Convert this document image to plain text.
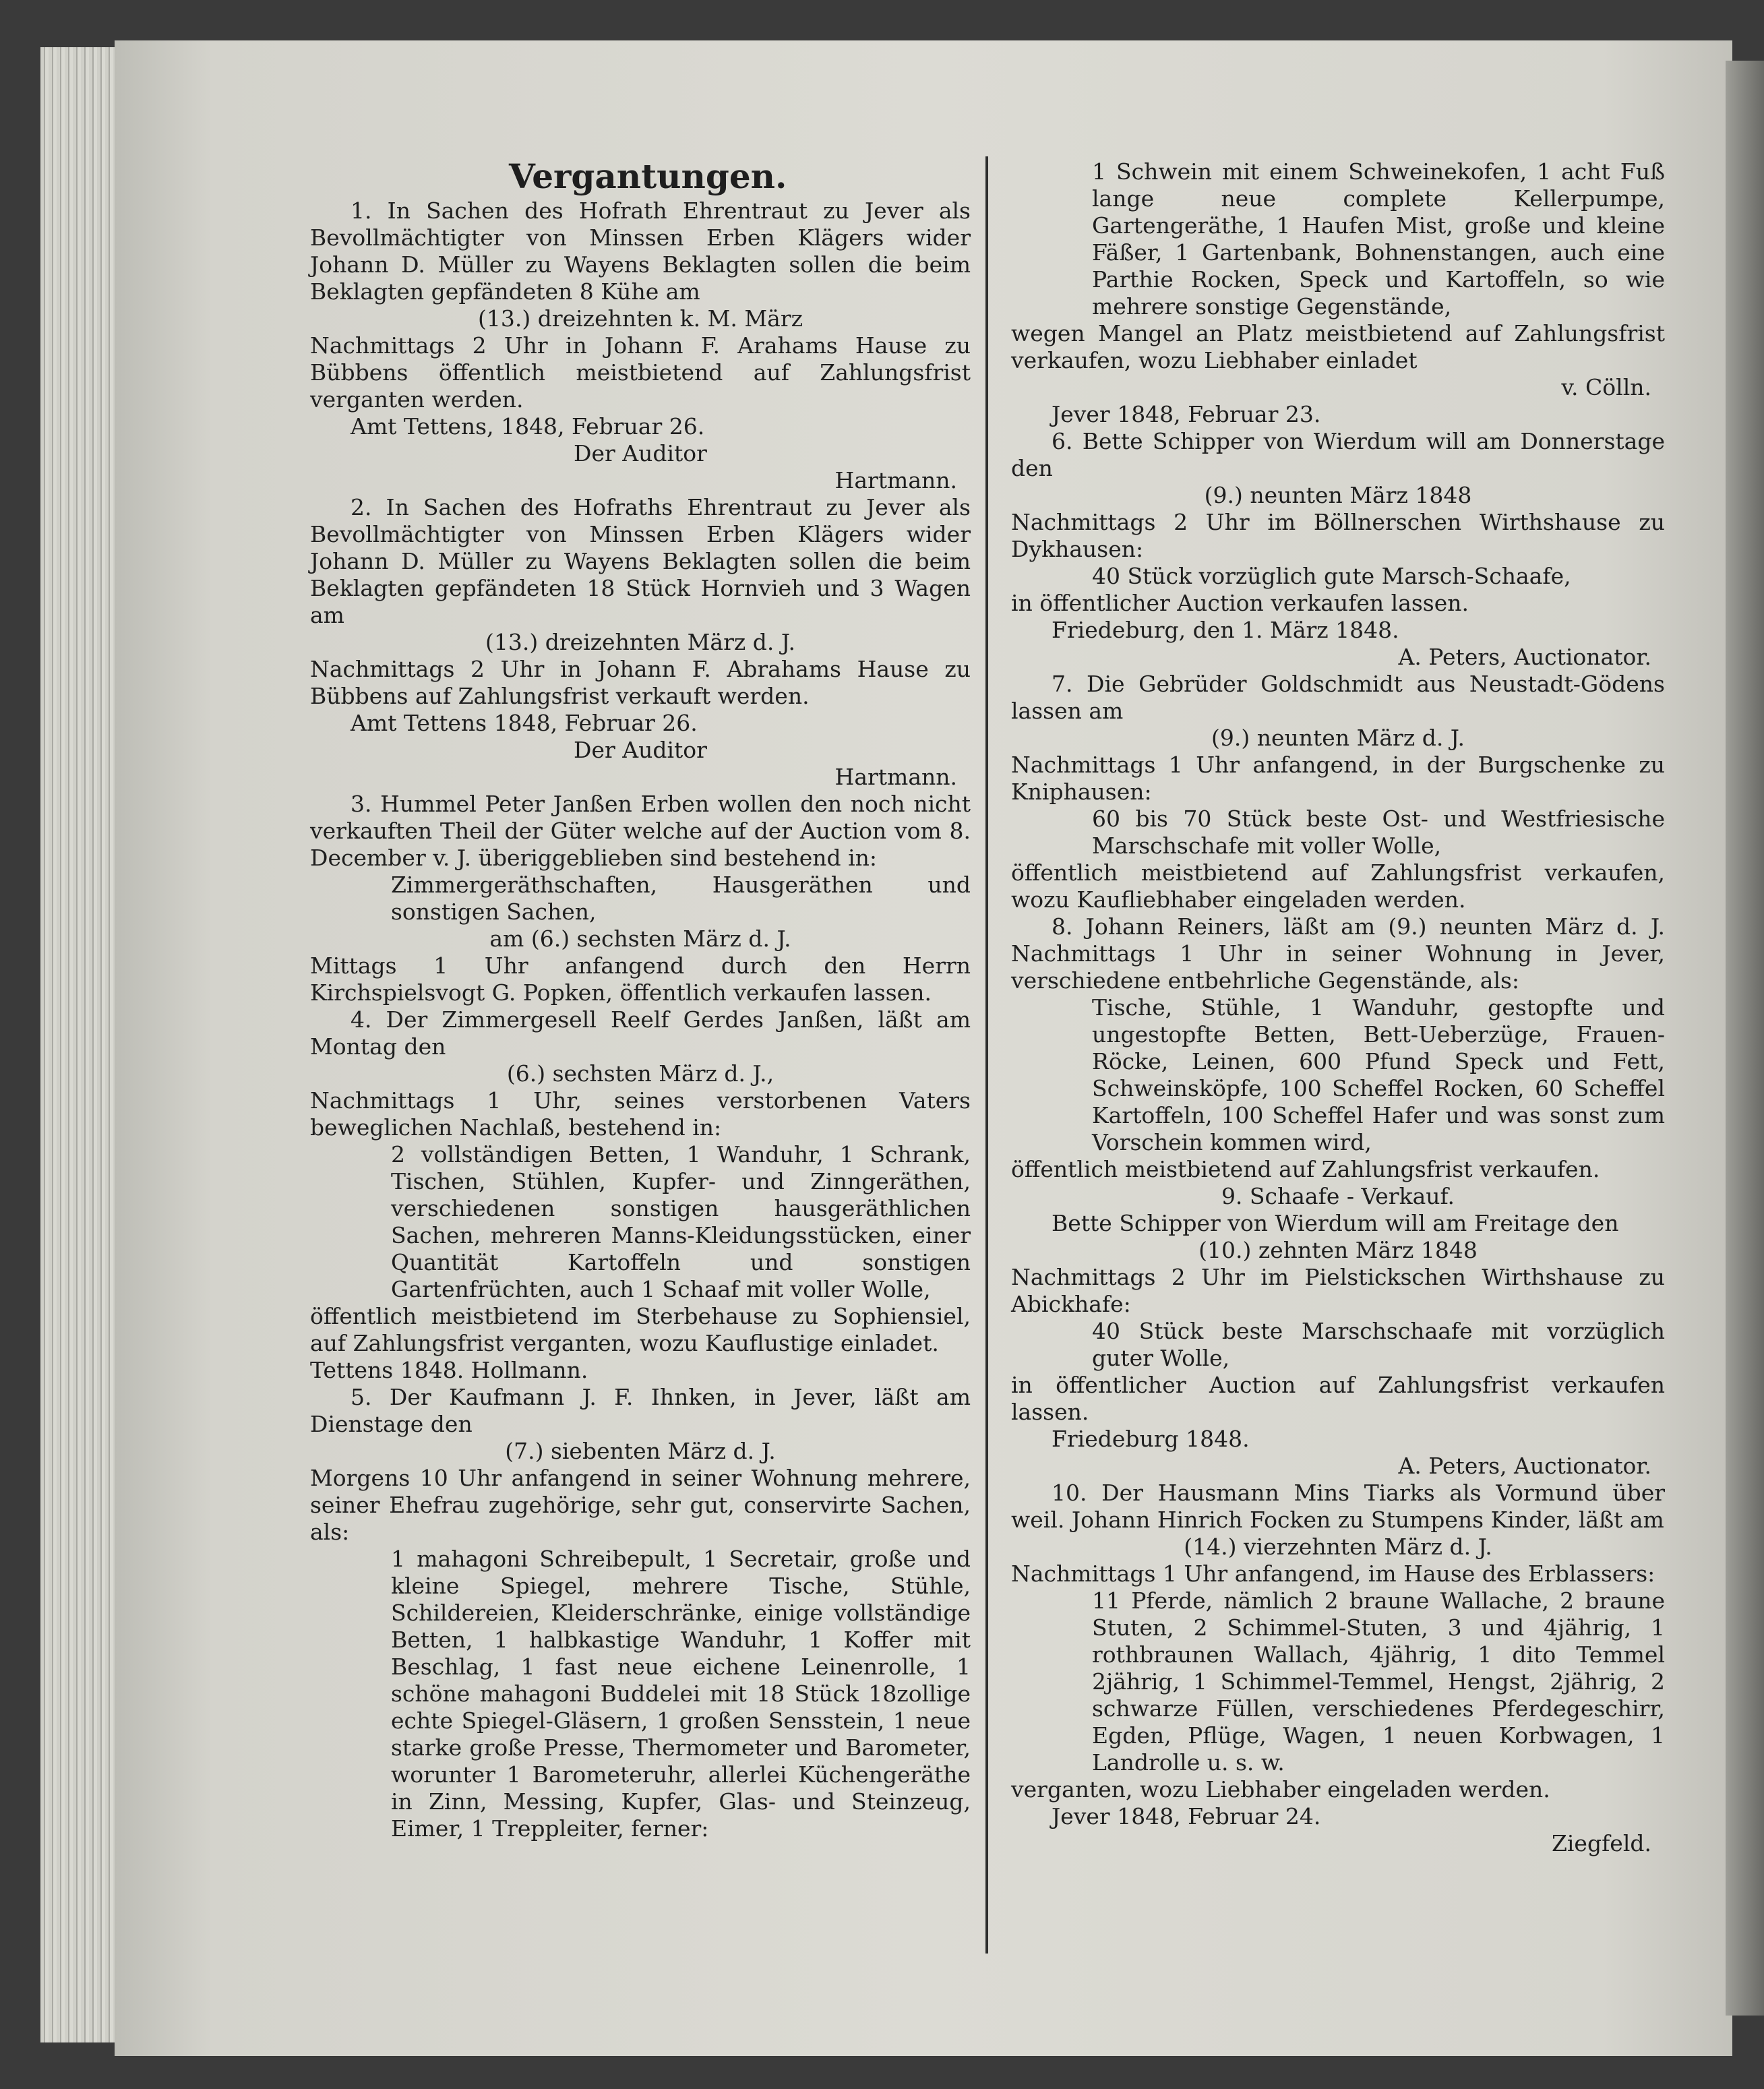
Vergantungen.

1. In Sachen des Hofrath Ehrentraut zu Jever als Bevollmächtigter von Minssen Erben Klägers wider Johann D. Müller zu Wayens Beklagten sollen die beim Beklagten gepfändeten 8 Kühe am

(13.) dreizehnten k. M. März

Nachmittags 2 Uhr in Johann F. Arahams Hause zu Bübbens öffentlich meistbietend auf Zahlungsfrist verganten werden.

Amt Tettens, 1848, Februar 26.

Der Auditor

Hartmann.

2. In Sachen des Hofraths Ehrentraut zu Jever als Bevollmächtigter von Minssen Erben Klägers wider Johann D. Müller zu Wayens Beklagten sollen die beim Beklagten gepfändeten 18 Stück Hornvieh und 3 Wagen am

(13.) dreizehnten März d. J.

Nachmittags 2 Uhr in Johann F. Abrahams Hause zu Bübbens auf Zahlungsfrist verkauft werden.

Amt Tettens 1848, Februar 26.

Der Auditor

Hartmann.

3. Hummel Peter Janßen Erben wollen den noch nicht verkauften Theil der Güter welche auf der Auction vom 8. December v. J. überiggeblieben sind bestehend in:

Zimmergeräthschaften, Hausgeräthen und sonstigen Sachen,

am (6.) sechsten März d. J.

Mittags 1 Uhr anfangend durch den Herrn Kirchspielsvogt G. Popken, öffentlich verkaufen lassen.

4. Der Zimmergesell Reelf Gerdes Janßen, läßt am Montag den

(6.) sechsten März d. J.,

Nachmittags 1 Uhr, seines verstorbenen Vaters beweglichen Nachlaß, bestehend in:

2 vollständigen Betten, 1 Wanduhr, 1 Schrank, Tischen, Stühlen, Kupfer- und Zinngeräthen, verschiedenen sonstigen hausgeräthlichen Sachen, mehreren Manns-Kleidungsstücken, einer Quantität Kartoffeln und sonstigen Gartenfrüchten, auch 1 Schaaf mit voller Wolle,

öffentlich meistbietend im Sterbehause zu Sophiensiel, auf Zahlungsfrist verganten, wozu Kauflustige einladet.

Tettens 1848. Hollmann.

5. Der Kaufmann J. F. Ihnken, in Jever, läßt am Dienstage den

(7.) siebenten März d. J.

Morgens 10 Uhr anfangend in seiner Wohnung mehrere, seiner Ehefrau zugehörige, sehr gut, conservirte Sachen, als:

1 mahagoni Schreibepult, 1 Secretair, große und kleine Spiegel, mehrere Tische, Stühle, Schildereien, Kleiderschränke, einige vollständige Betten, 1 halbkastige Wanduhr, 1 Koffer mit Beschlag, 1 fast neue eichene Leinenrolle, 1 schöne mahagoni Buddelei mit 18 Stück 18zollige echte Spiegel-Gläsern, 1 großen Sensstein, 1 neue starke große Presse, Thermometer und Barometer, worunter 1 Barometeruhr, allerlei Küchengeräthe in Zinn, Messing, Kupfer, Glas- und Steinzeug, Eimer, 1 Treppleiter, ferner:

1 Schwein mit einem Schweinekofen, 1 acht Fuß lange neue complete Kellerpumpe, Gartengeräthe, 1 Haufen Mist, große und kleine Fäßer, 1 Gartenbank, Bohnenstangen, auch eine Parthie Rocken, Speck und Kartoffeln, so wie mehrere sonstige Gegenstände,

wegen Mangel an Platz meistbietend auf Zahlungsfrist verkaufen, wozu Liebhaber einladet

v. Cölln.

Jever 1848, Februar 23.

6. Bette Schipper von Wierdum will am Donnerstage den

(9.) neunten März 1848

Nachmittags 2 Uhr im Böllnerschen Wirthshause zu Dykhausen:

40 Stück vorzüglich gute Marsch-Schaafe,

in öffentlicher Auction verkaufen lassen.

Friedeburg, den 1. März 1848.

A. Peters, Auctionator.

7. Die Gebrüder Goldschmidt aus Neustadt-Gödens lassen am

(9.) neunten März d. J.

Nachmittags 1 Uhr anfangend, in der Burgschenke zu Kniphausen:

60 bis 70 Stück beste Ost- und Westfriesische Marschschafe mit voller Wolle,

öffentlich meistbietend auf Zahlungsfrist verkaufen, wozu Kaufliebhaber eingeladen werden.

8. Johann Reiners, läßt am (9.) neunten März d. J. Nachmittags 1 Uhr in seiner Wohnung in Jever, verschiedene entbehrliche Gegenstände, als:

Tische, Stühle, 1 Wanduhr, gestopfte und ungestopfte Betten, Bett-Ueberzüge, Frauen-Röcke, Leinen, 600 Pfund Speck und Fett, Schweinsköpfe, 100 Scheffel Rocken, 60 Scheffel Kartoffeln, 100 Scheffel Hafer und was sonst zum Vorschein kommen wird,

öffentlich meistbietend auf Zahlungsfrist verkaufen.

9. Schaafe - Verkauf.

Bette Schipper von Wierdum will am Freitage den

(10.) zehnten März 1848

Nachmittags 2 Uhr im Pielstickschen Wirthshause zu Abickhafe:

40 Stück beste Marschschaafe mit vorzüglich guter Wolle,

in öffentlicher Auction auf Zahlungsfrist verkaufen lassen.

Friedeburg 1848.

A. Peters, Auctionator.

10. Der Hausmann Mins Tiarks als Vormund über weil. Johann Hinrich Focken zu Stumpens Kinder, läßt am

(14.) vierzehnten März d. J.

Nachmittags 1 Uhr anfangend, im Hause des Erblassers:

11 Pferde, nämlich 2 braune Wallache, 2 braune Stuten, 2 Schimmel-Stuten, 3 und 4jährig, 1 rothbraunen Wallach, 4jährig, 1 dito Temmel 2jährig, 1 Schimmel-Temmel, Hengst, 2jährig, 2 schwarze Füllen, verschiedenes Pferdegeschirr, Egden, Pflüge, Wagen, 1 neuen Korbwagen, 1 Landrolle u. s. w.

verganten, wozu Liebhaber eingeladen werden.

Jever 1848, Februar 24.

Ziegfeld.
